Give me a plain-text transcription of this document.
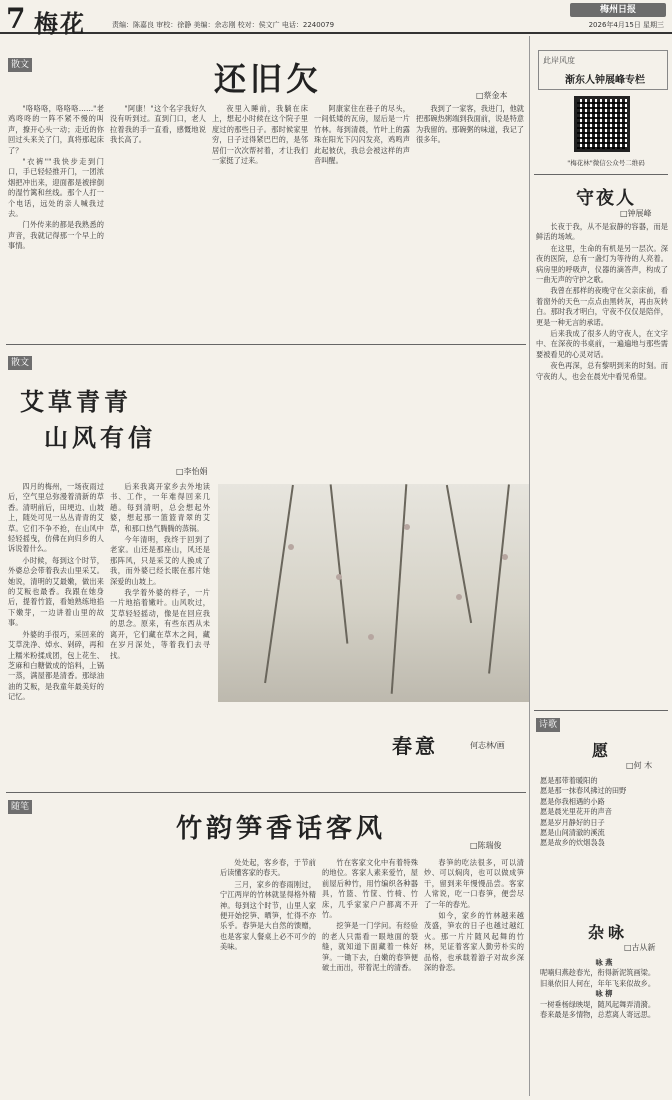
7 梅花	责编：陈嘉良 审校：徐静 美编：余志刚 校对：侯文广 电话：2240079
梅州日报
2026年4月15日 星期三
散文	还旧欠	□蔡金本

"咯咯咯，咯咯咯……"老鸡咚咚的一阵不紧不慢的叫声，撩开心头一动；走近的你回过头来关了门，真将那起床了？

"衣裤""我快步走到门口，手已轻轻推开门，一团浓烟把冲出来，迎面都是被摔倒的湿竹篱和丝线。那个人打一个电话，远处的亲人喊我过去。

门外传来的都是我熟悉的声音，我就记得那一个早上的事情。

"阿康！"这个名字我好久没有听到过。直到门口，老人拉着我的手一直看，感慨地说我长高了。

夜里入睡前，我躺在床上，想起小时候在这个院子里度过的那些日子。那时候家里穷，日子过得紧巴巴的，是邻居们一次次帮衬着，才让我们一家挺了过来。

阿康家住在巷子的尽头，一间低矮的瓦房，屋后是一片竹林。每到清晨，竹叶上的露珠在阳光下闪闪发亮，鸡鸣声此起彼伏，我总会被这样的声音叫醒。

我到了一家客，我进门，他就把那碗热粥端到我面前，说是特意为我留的。那碗粥的味道，我记了很多年。

散文
艾草青青
山风有信
□李怡娟

四月的梅州，一场夜雨过后，空气里总弥漫着清新的草香。清明前后，田埂边、山坡上，随处可见一丛丛青青的艾草。它们不争不抢，在山风中轻轻摇曳，仿佛在向归乡的人诉说着什么。

小时候，每到这个时节，外婆总会带着我去山里采艾。她说，清明的艾最嫩，做出来的艾粄也最香。我跟在她身后，提着竹篮，看她熟练地掐下嫩芽，一边讲着山里的故事。

外婆的手很巧，采回来的艾草洗净、焯水、剁碎，再和上糯米粉揉成团，包上花生、芝麻和白糖做成的馅料，上锅一蒸，满屋都是清香。那绿油油的艾粄，是我童年最美好的记忆。

后来我离开家乡去外地读书、工作，一年难得回来几趟。每到清明，总会想起外婆，想起那一篮篮青翠的艾草，和那口热气腾腾的蒸锅。

今年清明，我终于回到了老家。山还是那座山，风还是那阵风，只是采艾的人换成了我，而外婆已经长眠在那片她深爱的山坡上。

我学着外婆的样子，一片一片地掐着嫩叶。山风吹过，艾草轻轻摇动，像是在回应我的思念。原来，有些东西从未离开，它们藏在草木之间，藏在岁月深处，等着我们去寻找。

春意	何志林/画
随笔
竹韵笋香话客风
□陈瑞俊

处处起，客乡春，于节前后读懂客家的春天。

三月，家乡的春雨刚过，宁江两岸的竹林就显得格外精神。每到这个时节，山里人家便开始挖笋、晒笋，忙得不亦乐乎。春笋是大自然的馈赠，也是客家人餐桌上必不可少的美味。

竹在客家文化中有着特殊的地位。客家人素来爱竹，屋前屋后种竹，用竹编织各种器具，竹篮、竹筐、竹椅、竹床，几乎家家户户都离不开竹。

挖笋是一门学问。有经验的老人只需看一眼地面的裂缝，就知道下面藏着一株好笋。一锄下去，白嫩的春笋便破土而出，带着泥土的清香。

春笋的吃法很多，可以清炒、可以焖肉，也可以做成笋干，留到来年慢慢品尝。客家人常说，吃一口春笋，便尝尽了一年的春光。

如今，家乡的竹林越来越茂盛，笋农的日子也越过越红火。那一片片随风起舞的竹林，见证着客家人勤劳朴实的品格，也承载着游子对故乡深深的眷恋。

此岸风度
渐东人钟展峰专栏
"梅花林"微信公众号二维码
守夜人
□钟展峰

长夜于我，从不是寂静的容器，而是鲜活的场域。

在这里，生命的有机是另一层次。深夜的医院，总有一盏灯为等待的人亮着。病房里的呼吸声，仪器的滴答声，构成了一曲无声的守护之歌。

我曾在那样的夜晚守在父亲床前，看着窗外的天色一点点由黑转灰，再由灰转白。那时我才明白，守夜不仅仅是陪伴，更是一种无言的承诺。

后来我成了很多人的守夜人，在文字中、在深夜的书桌前，一遍遍地与那些需要被看见的心灵对话。

夜色再深，总有黎明到来的时刻。而守夜的人，也会在晨光中看见希望。

诗歌
愿
□何 木
愿是那带着暖阳的
愿是那一抹春风拂过的田野
愿是你我相遇的小路
愿是晨光里花开的声音
愿是岁月静好的日子
愿是山间清澈的溪流
愿是故乡的炊烟袅袅
杂咏
□古从新
咏 燕
呢喃归燕趁春光，衔得新泥筑画梁。
旧巢依旧人何在，年年飞来似故乡。
咏 柳
一树垂杨绿映堤，随风起舞弄清漪。
春来最是多情物，总惹离人寄远思。
